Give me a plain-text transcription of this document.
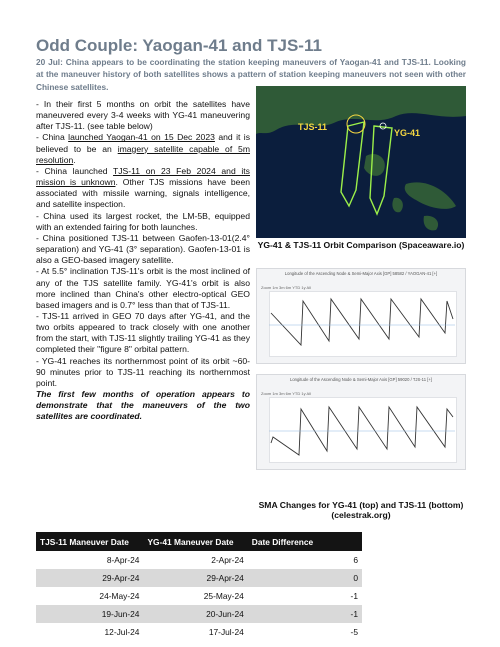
Odd Couple: Yaogan-41 and TJS-11
20 Jul: China appears to be coordinating the station keeping maneuvers of Yaogan-41 and TJS-11. Looking at the maneuver history of both satellites shows a pattern of station keeping maneuvers not seen with other Chinese satellites.

- In their first 5 months on orbit the satellites have maneuvered every 3-4 weeks with YG-41 maneuvering after TJS-11. (see table below)

- China launched Yaogan-41 on 15 Dec 2023 and it is believed to be an imagery satellite capable of 5m resolution.

- China launched TJS-11 on 23 Feb 2024 and its mission is unknown. Other TJS missions have been associated with missile warning, signals intelligence, and satellite inspection.

- China used its largest rocket, the LM-5B, equipped with an extended fairing for both launches.

- China positioned TJS-11 between Gaofen-13-01(2.4° separation) and YG-41 (3° separation). Gaofen-13-01 is also a GEO-based imagery satellite.

- At 5.5° inclination TJS-11's orbit is the most inclined of any of the TJS satellite family. YG-41's orbit is also more inclined than China's other electro-optical GEO based imagers and is 0.7° less than that of TJS-11.

- TJS-11 arrived in GEO 70 days after YG-41, and the two orbits appeared to track closely with one another from the start, with TJS-11 slightly trailing YG-41 as they completed their "figure 8" orbital pattern.

- YG-41 reaches its northernmost point of its orbit ~60-90 minutes prior to TJS-11 reaching its northernmost point.

The first few months of operation appears to demonstrate that the maneuvers of the two satellites are coordinated.

TJS-11
YG-41
YG-41 & TJS-11 Orbit Comparison (Spaceaware.io)
Longitude of the Ascending Node & Semi-Major Axis [GP] 58582 / YAOGAN-41 [+]
Zoom 1m 3m 6m YTD 1y All
Longitude of the Ascending Node & Semi-Major Axis [GP] 59020 / TJS-11 [+]
Zoom 1m 3m 6m YTD 1y All
SMA Changes for YG-41 (top) and TJS-11 (bottom) (celestrak.org)
TJS-11 Maneuver Date	YG-41 Maneuver Date	Date Difference
8-Apr-24	2-Apr-24	6
29-Apr-24	29-Apr-24	0
24-May-24	25-May-24	-1
19-Jun-24	20-Jun-24	-1
12-Jul-24	17-Jul-24	-5
